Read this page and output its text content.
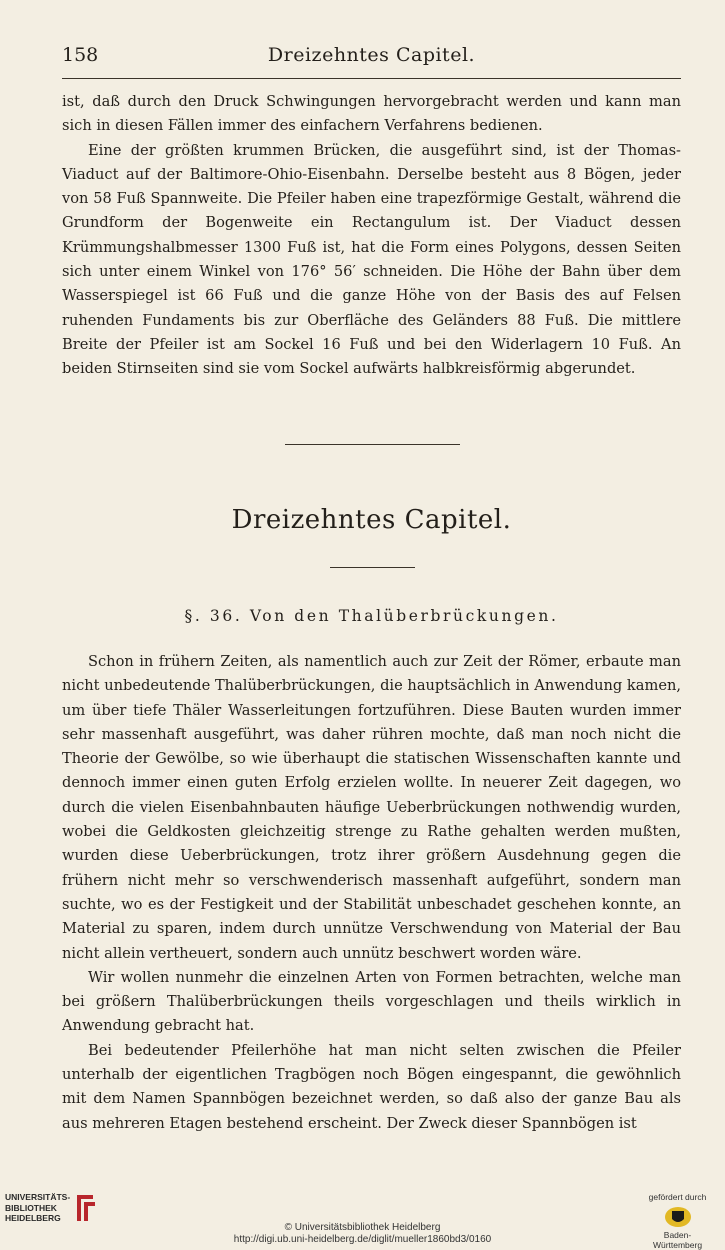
158	Dreizehntes Capitel.

ist, daß durch den Druck Schwingungen hervorgebracht werden und kann man sich in diesen Fällen immer des einfachern Verfahrens bedienen.

Eine der größten krummen Brücken, die ausgeführt sind, ist der Thomas-Viaduct auf der Baltimore-Ohio-Eisenbahn. Derselbe besteht aus 8 Bögen, jeder von 58 Fuß Spannweite. Die Pfeiler haben eine trapezförmige Gestalt, während die Grundform der Bogenweite ein Rectangulum ist. Der Viaduct dessen Krümmungshalbmesser 1300 Fuß ist, hat die Form eines Polygons, dessen Seiten sich unter einem Winkel von 176° 56′ schneiden. Die Höhe der Bahn über dem Wasserspiegel ist 66 Fuß und die ganze Höhe von der Basis des auf Felsen ruhenden Fundaments bis zur Oberfläche des Geländers 88 Fuß. Die mittlere Breite der Pfeiler ist am Sockel 16 Fuß und bei den Widerlagern 10 Fuß. An beiden Stirnseiten sind sie vom Sockel aufwärts halbkreisförmig abgerundet.

Dreizehntes Capitel.
§. 36. Von den Thalüberbrückungen.

Schon in frühern Zeiten, als namentlich auch zur Zeit der Römer, erbaute man nicht unbedeutende Thalüberbrückungen, die hauptsächlich in Anwendung kamen, um über tiefe Thäler Wasserleitungen fortzuführen. Diese Bauten wurden immer sehr massenhaft ausgeführt, was daher rühren mochte, daß man noch nicht die Theorie der Gewölbe, so wie überhaupt die statischen Wissenschaften kannte und dennoch immer einen guten Erfolg erzielen wollte. In neuerer Zeit dagegen, wo durch die vielen Eisenbahnbauten häufige Ueberbrückungen nothwendig wurden, wobei die Geldkosten gleichzeitig strenge zu Rathe gehalten werden mußten, wurden diese Ueberbrückungen, trotz ihrer größern Ausdehnung gegen die frühern nicht mehr so verschwenderisch massenhaft aufgeführt, sondern man suchte, wo es der Festigkeit und der Stabilität unbeschadet geschehen konnte, an Material zu sparen, indem durch unnütze Verschwendung von Material der Bau nicht allein vertheuert, sondern auch unnütz beschwert worden wäre.

Wir wollen nunmehr die einzelnen Arten von Formen betrachten, welche man bei größern Thalüberbrückungen theils vorgeschlagen und theils wirklich in Anwendung gebracht hat.

Bei bedeutender Pfeilerhöhe hat man nicht selten zwischen die Pfeiler unterhalb der eigentlichen Tragbögen noch Bögen eingespannt, die gewöhnlich mit dem Namen Spannbögen bezeichnet werden, so daß also der ganze Bau als aus mehreren Etagen bestehend erscheint. Der Zweck dieser Spannbögen ist

UNIVERSITÄTS-
BIBLIOTHEK
HEIDELBERG
© Universitätsbibliothek Heidelberg
http://digi.ub.uni-heidelberg.de/diglit/mueller1860bd3/0160
gefördert durch
Baden-Württemberg
